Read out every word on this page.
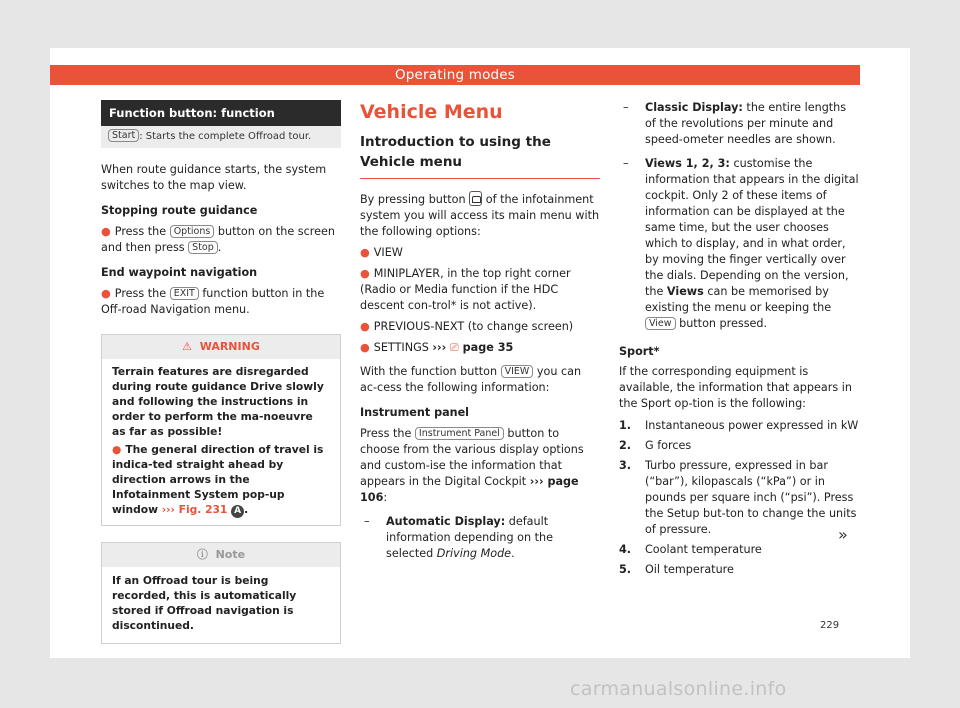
Operating modes
Function button: function
Start : Starts the complete Offroad tour.
When route guidance starts, the system switches to the map view.
Stopping route guidance
● Press the Options button on the screen and then press Stop .
End waypoint navigation
● Press the EXIT function button in the Off-road Navigation menu.
⚠ WARNING
Terrain features are disregarded during route guidance Drive slowly and following the instructions in order to perform the ma-noeuvre as far as possible!
● The general direction of travel is indica-ted straight ahead by direction arrows in the Infotainment System pop-up window ››› Fig. 231 A .
ⓘ Note
If an Offroad tour is being recorded, this is automatically stored if Offroad navigation is discontinued.
Vehicle Menu
Introduction to using the Vehicle menu
By pressing button  of the infotainment system you will access its main menu with the following options:
● VIEW
● MINIPLAYER, in the top right corner (Radio or Media function if the HDC descent con-trol* is not active).
● PREVIOUS-NEXT (to change screen)
● SETTINGS ››› ⎚ page 35
With the function button VIEW you can ac-cess the following information:
Instrument panel
Press the Instrument Panel button to choose from the various display options and custom-ise the information that appears in the Digital Cockpit ››› page 106:
–	Automatic Display: default information depending on the selected Driving Mode.
–	Classic Display: the entire lengths of the revolutions per minute and speed-ometer needles are shown.
–	Views 1, 2, 3: customise the information that appears in the digital cockpit. Only 2 of these items of information can be displayed at the same time, but the user chooses which to display, and in what order, by moving the finger vertically over the dials. Depending on the version, the Views can be memorised by existing the menu or keeping the View button pressed.
Sport*
If the corresponding equipment is available, the information that appears in the Sport op-tion is the following:
1.	Instantaneous power expressed in kW
2.	G forces
3.	Turbo pressure, expressed in bar (“bar”), kilopascals (“kPa”) or in pounds per square inch (“psi”). Press the Setup but-ton to change the units of pressure.
4.	Coolant temperature
5.	Oil temperature
»
229
carmanualsonline.info
